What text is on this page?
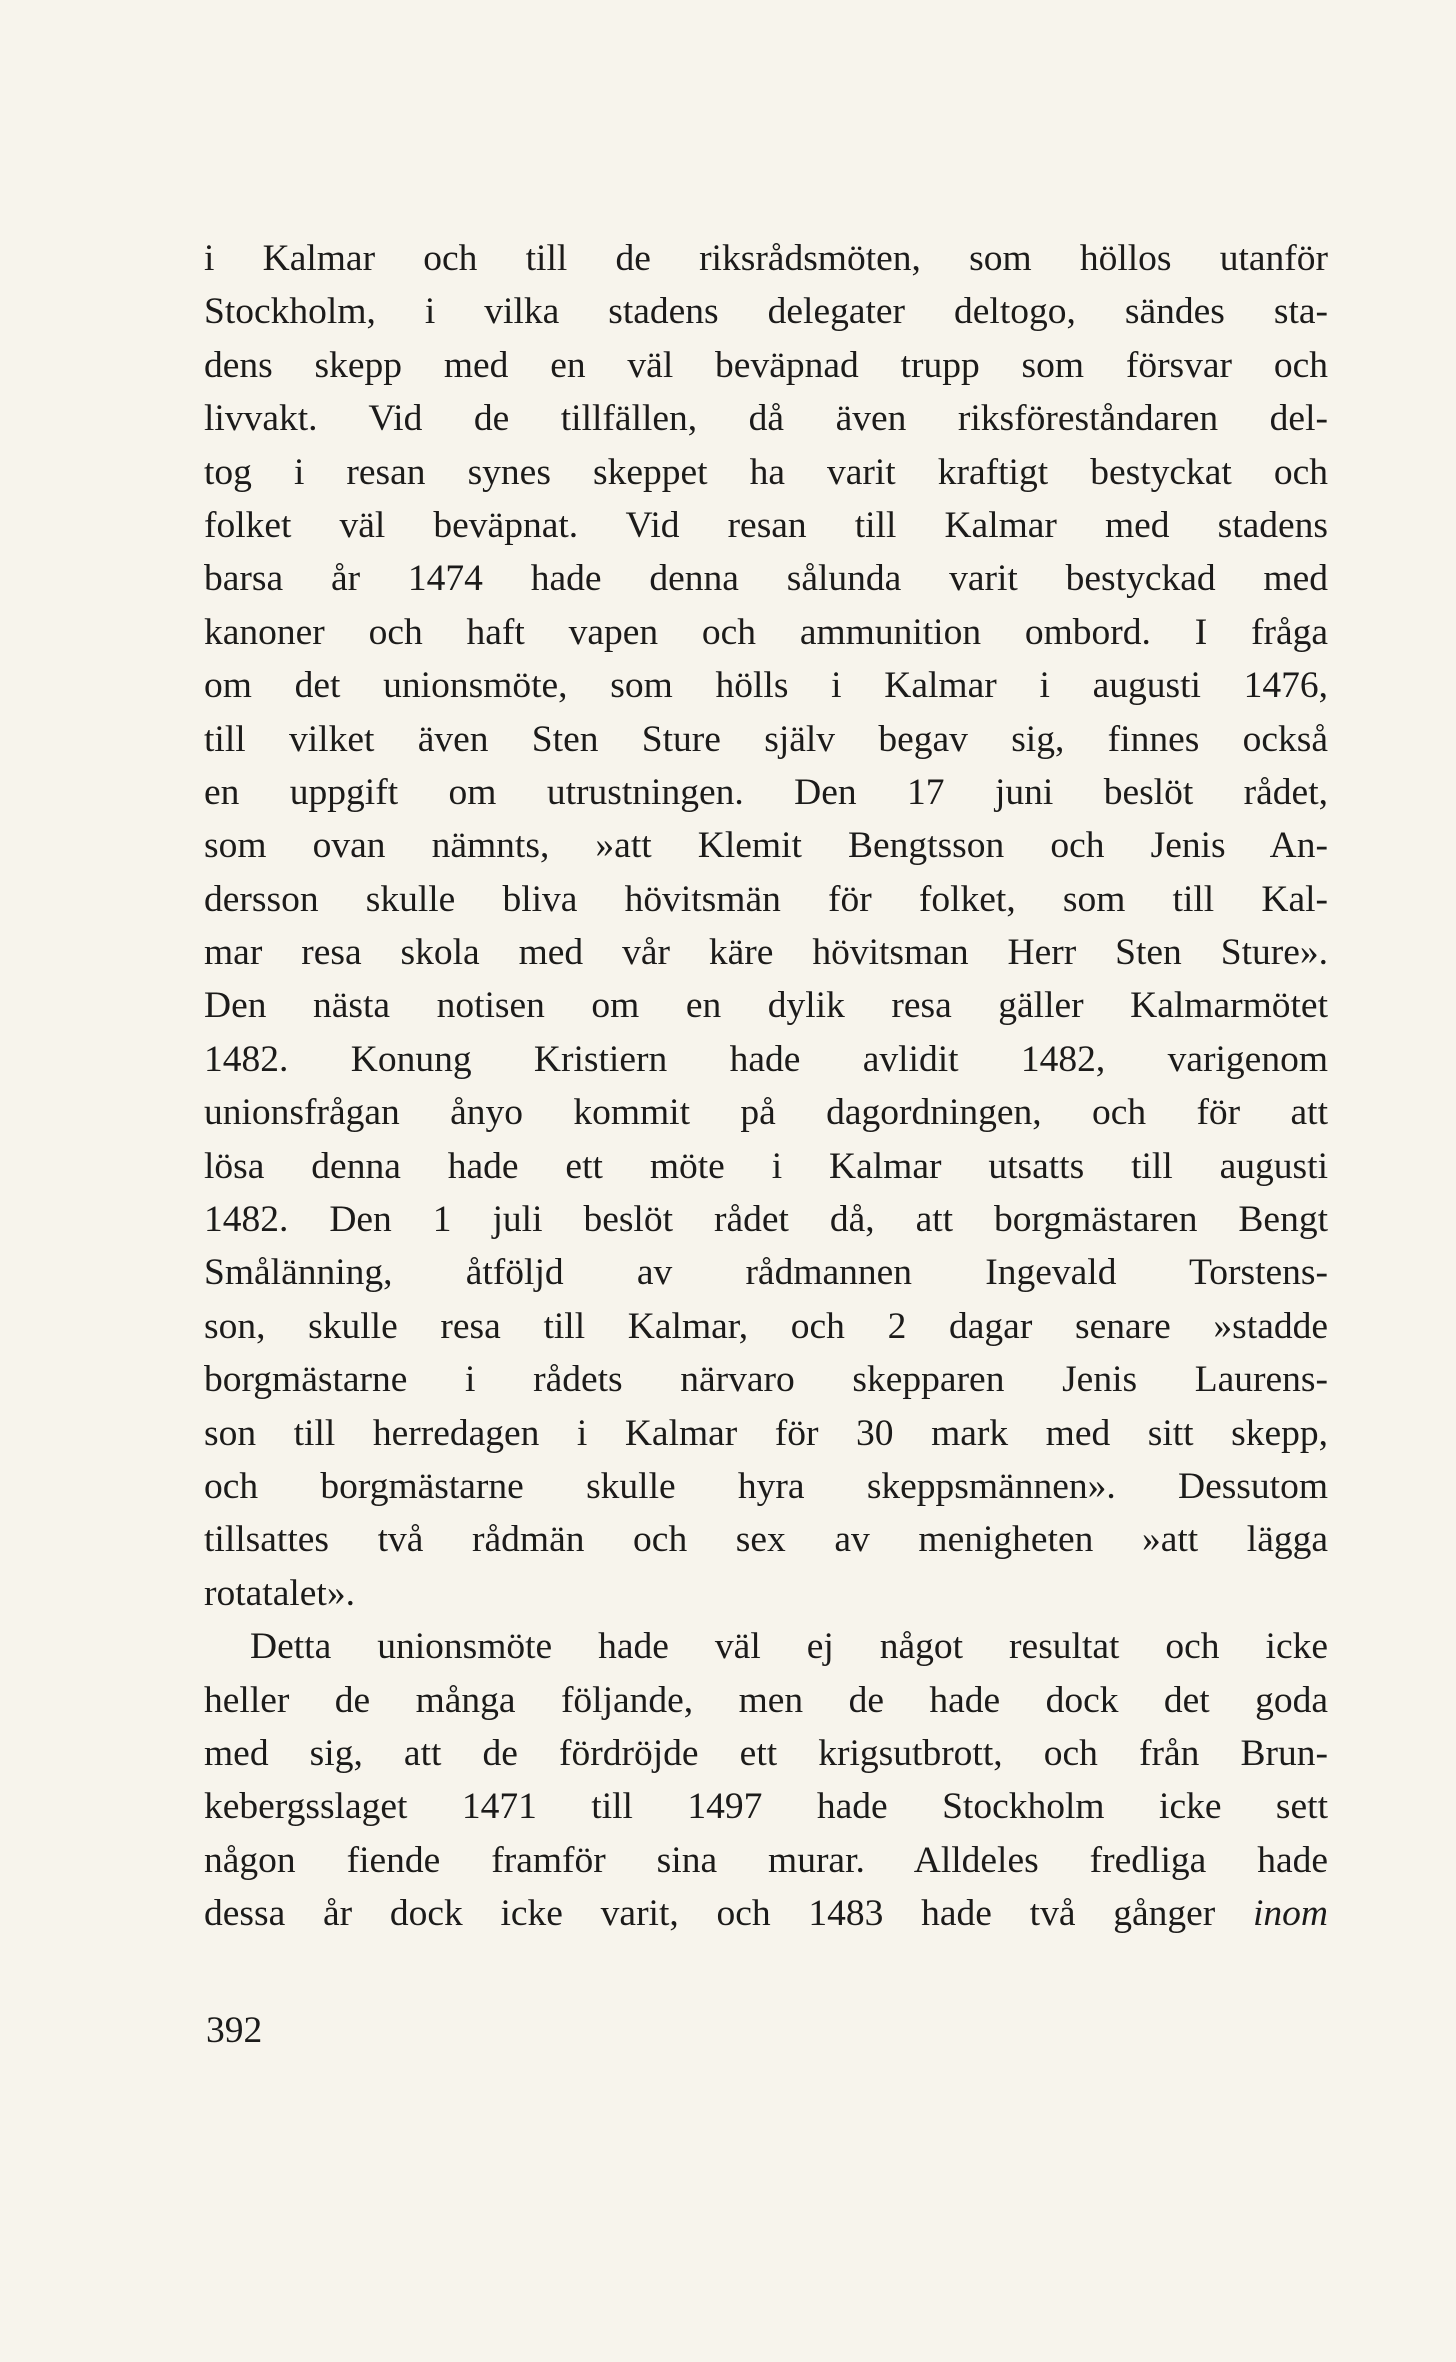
i Kalmar och till de riksrådsmöten, som höllos utanför
Stockholm, i vilka stadens delegater deltogo, sändes sta-
dens skepp med en väl beväpnad trupp som försvar och
livvakt. Vid de tillfällen, då även riksföreståndaren del-
tog i resan synes skeppet ha varit kraftigt bestyckat och
folket väl beväpnat. Vid resan till Kalmar med stadens
barsa år 1474 hade denna sålunda varit bestyckad med
kanoner och haft vapen och ammunition ombord. I fråga
om det unionsmöte, som hölls i Kalmar i augusti 1476,
till vilket även Sten Sture själv begav sig, finnes också
en uppgift om utrustningen. Den 17 juni beslöt rådet,
som ovan nämnts, »att Klemit Bengtsson och Jenis An-
dersson skulle bliva hövitsmän för folket, som till Kal-
mar resa skola med vår käre hövitsman Herr Sten Sture».
Den nästa notisen om en dylik resa gäller Kalmarmötet
1482. Konung Kristiern hade avlidit 1482, varigenom
unionsfrågan ånyo kommit på dagordningen, och för att
lösa denna hade ett möte i Kalmar utsatts till augusti
1482. Den 1 juli beslöt rådet då, att borgmästaren Bengt
Smålänning, åtföljd av rådmannen Ingevald Torstens-
son, skulle resa till Kalmar, och 2 dagar senare »stadde
borgmästarne i rådets närvaro skepparen Jenis Laurens-
son till herredagen i Kalmar för 30 mark med sitt skepp,
och borgmästarne skulle hyra skeppsmännen». Dessutom
tillsattes två rådmän och sex av menigheten »att lägga
rotatalet».
Detta unionsmöte hade väl ej något resultat och icke
heller de många följande, men de hade dock det goda
med sig, att de fördröjde ett krigsutbrott, och från Brun-
kebergsslaget 1471 till 1497 hade Stockholm icke sett
någon fiende framför sina murar. Alldeles fredliga hade
dessa år dock icke varit, och 1483 hade två gånger inom
392
